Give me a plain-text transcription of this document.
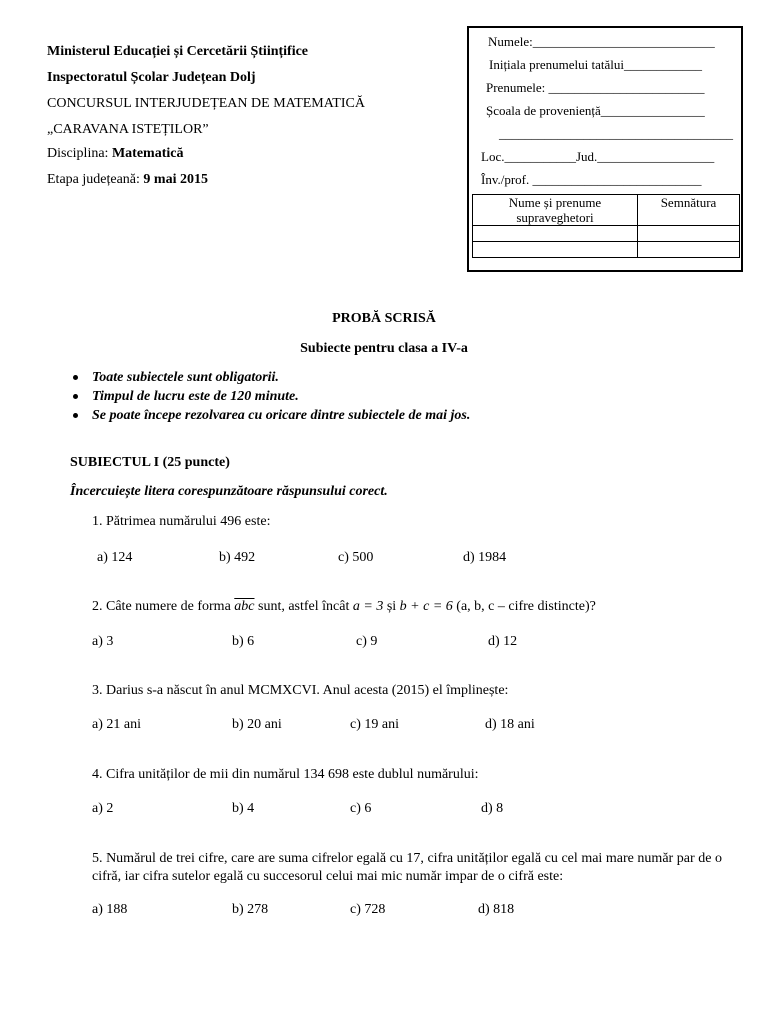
Ministerul Educației și Cercetării Științifice
Inspectoratul Școlar Județean Dolj
CONCURSUL INTERJUDEȚEAN DE MATEMATICĂ
„CARAVANA ISTEȚILOR”
Disciplina: Matematică
Etapa județeană: 9 mai 2015
Numele:____________________________
Inițiala prenumelui tatălui____________
Prenumele: ________________________
Școala de proveniență________________
____________________________________
Loc.___________Jud.__________________
Înv./prof. __________________________
Nume și prenume supraveghetori	Semnătura

PROBĂ SCRISĂ
Subiecte pentru clasa a IV-a
Toate subiectele sunt obligatorii.
Timpul de lucru este de 120 minute.
Se poate începe rezolvarea cu oricare dintre subiectele de mai jos.
SUBIECTUL I (25 puncte)
Încercuiește litera corespunzătoare răspunsului corect.
1. Pătrimea numărului 496 este:
a) 124	b) 492	c) 500	d) 1984
2. Câte numere de forma $\overline{abc}$ sunt, astfel încât a = 3 și b + c = 6 (a, b, c – cifre distincte)?
a) 3	b) 6	c) 9	d) 12
3. Darius s-a născut în anul MCMXCVI. Anul acesta (2015) el împlinește:
a) 21 ani	b) 20 ani	c) 19 ani	d) 18 ani
4. Cifra unităților de mii din numărul 134 698 este dublul numărului:
a) 2	b) 4	c) 6	d) 8
5. Numărul de trei cifre, care are suma cifrelor egală cu 17, cifra unităților egală cu cel mai mare număr par de o cifră, iar cifra sutelor egală cu succesorul celui mai mic număr impar de o cifră este:
a) 188	b) 278	c) 728	d) 818
